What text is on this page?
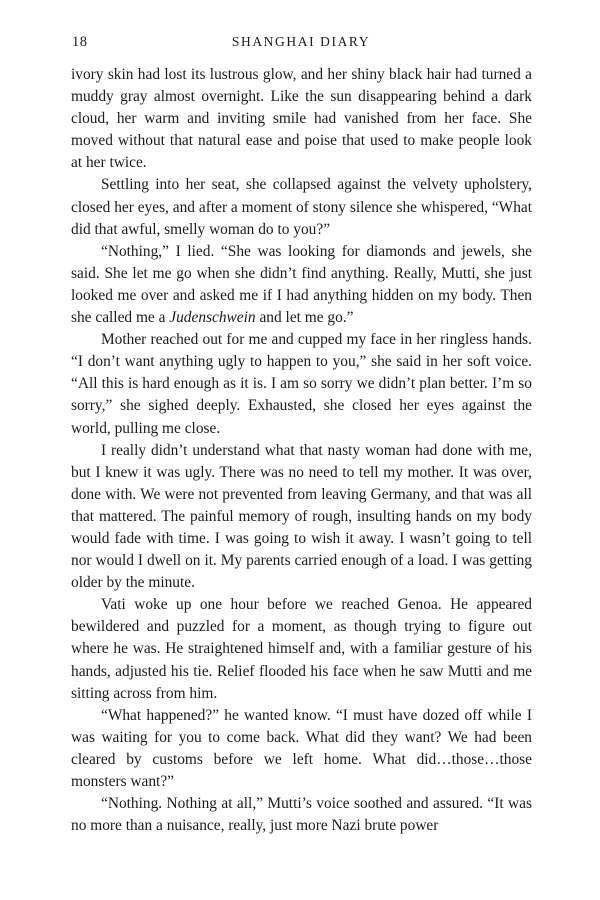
18	SHANGHAI DIARY

ivory skin had lost its lustrous glow, and her shiny black hair had turned a muddy gray almost overnight. Like the sun disappearing behind a dark cloud, her warm and inviting smile had vanished from her face. She moved without that natural ease and poise that used to make people look at her twice.

Settling into her seat, she collapsed against the velvety upholstery, closed her eyes, and after a moment of stony silence she whispered, “What did that awful, smelly woman do to you?”

“Nothing,” I lied. “She was looking for diamonds and jewels, she said. She let me go when she didn’t find anything. Really, Mutti, she just looked me over and asked me if I had anything hidden on my body. Then she called me a Judenschwein and let me go.”

Mother reached out for me and cupped my face in her ringless hands. “I don’t want anything ugly to happen to you,” she said in her soft voice. “All this is hard enough as it is. I am so sorry we didn’t plan better. I’m so sorry,” she sighed deeply. Exhausted, she closed her eyes against the world, pulling me close.

I really didn’t understand what that nasty woman had done with me, but I knew it was ugly. There was no need to tell my mother. It was over, done with. We were not prevented from leaving Germany, and that was all that mattered. The painful memory of rough, insulting hands on my body would fade with time. I was going to wish it away. I wasn’t going to tell nor would I dwell on it. My parents carried enough of a load. I was getting older by the minute.

Vati woke up one hour before we reached Genoa. He appeared bewildered and puzzled for a moment, as though trying to figure out where he was. He straightened himself and, with a familiar gesture of his hands, adjusted his tie. Relief flooded his face when he saw Mutti and me sitting across from him.

“What happened?” he wanted know. “I must have dozed off while I was waiting for you to come back. What did they want? We had been cleared by customs before we left home. What did…those…those monsters want?”

“Nothing. Nothing at all,” Mutti’s voice soothed and assured. “It was no more than a nuisance, really, just more Nazi brute power
